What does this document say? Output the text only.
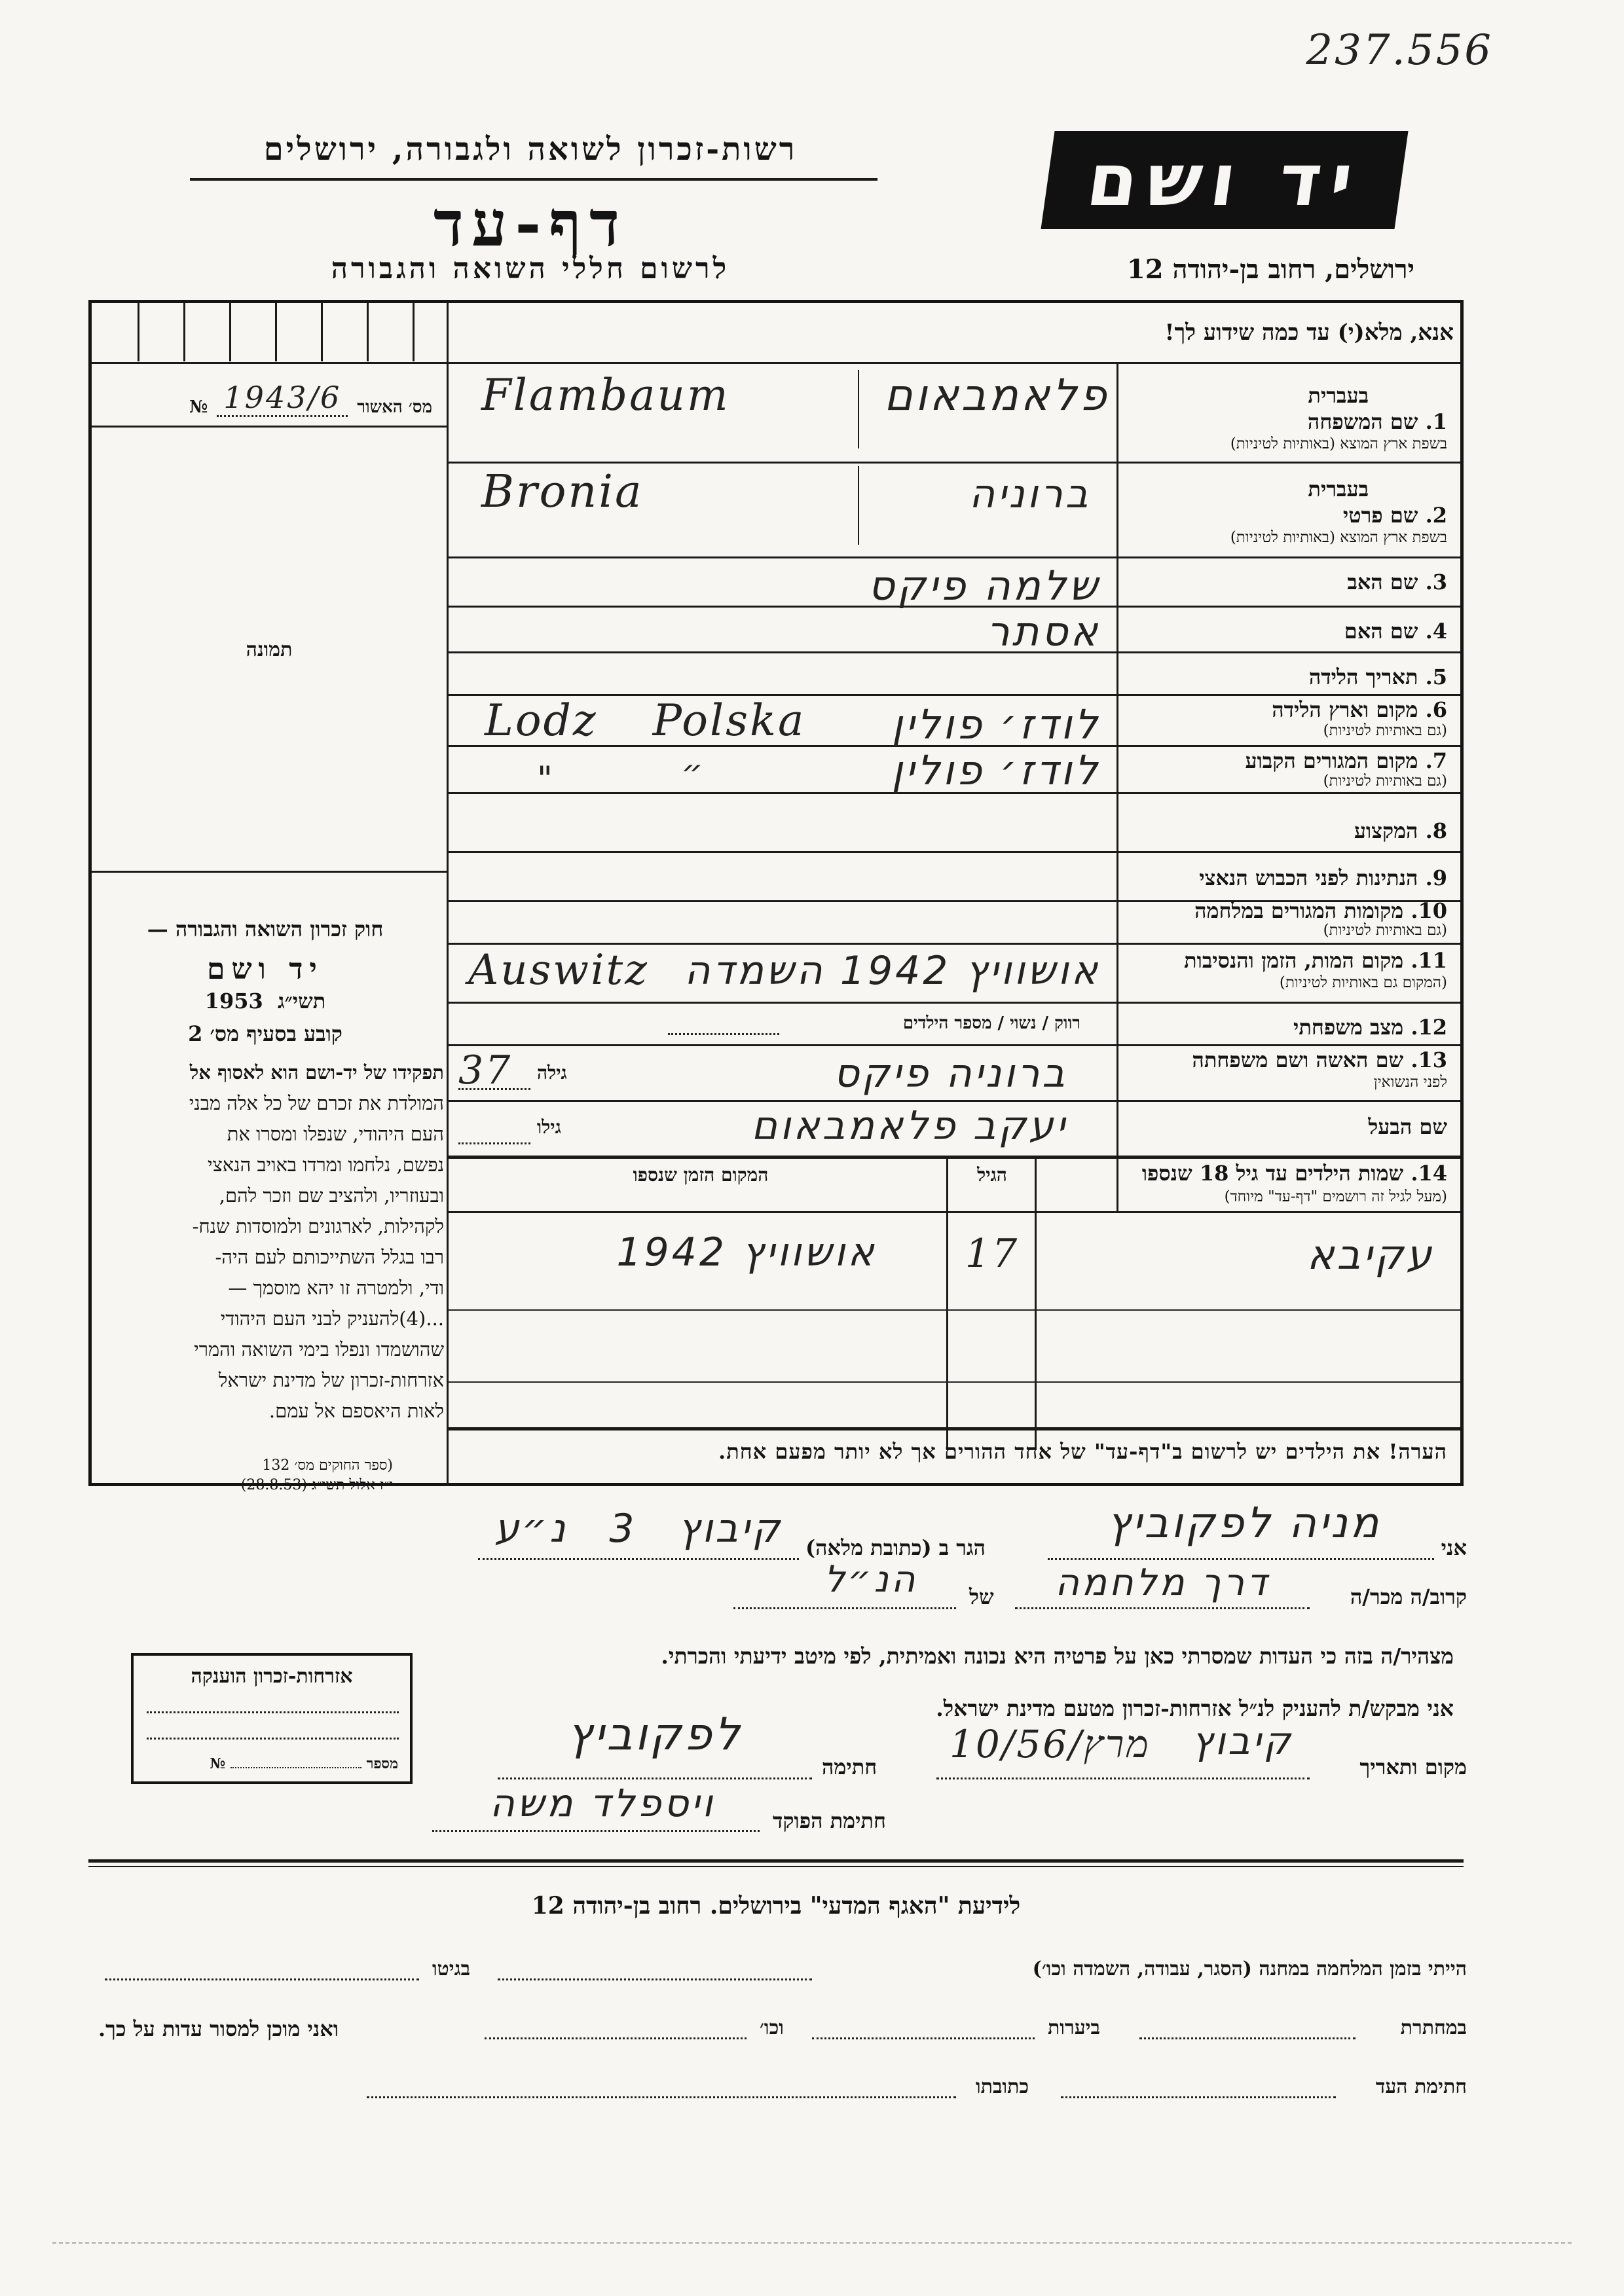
237.556
רשות-זכרון לשואה ולגבורה, ירושלים
דף-עד
לרשום חללי השואה והגבורה
יד ושם
ירושלים, רחוב בן-יהודה 12
אנא, מלא(י) עד כמה שידוע לך!
מס׳ האשור
1943/6
№
תמונה
בעברית
1. שם המשפחה
בשפת ארץ המוצא (באותיות לטיניות)
פלאמבאום
Flambaum
בעברית
2. שם פרטי
בשפת ארץ המוצא (באותיות לטיניות)
ברוניה
Bronia
3. שם האב
שלמה פיקס
4. שם האם
אסתר
5. תאריך הלידה
6. מקום וארץ הלידה
(גם באותיות לטיניות)
לודז׳ פולין
Lodz Polska
7. מקום המגורים הקבוע
(גם באותיות לטיניות)
לודז׳ פולין
״
"
8. המקצוע
9. הנתינות לפני הכבוש הנאצי
10. מקומות המגורים במלחמה
(גם באותיות לטיניות)
11. מקום המות, הזמן והנסיבות
(המקום גם באותיות לטיניות)
אושוויץ 1942 השמדה
Auswitz
12. מצב משפחתי
רווק / נשוי / מספר הילדים
13. שם האשה ושם משפחתה
לפני הנשואין
ברוניה פיקס
גילה
37
שם הבעל
יעקב פלאמבאום
גילו
14. שמות הילדים עד גיל 18 שנספו
(מעל לגיל זה רושמים "דף-עד" מיוחד)
הגיל
המקום הזמן שנספו
עקיבא
17
אושוויץ 1942
הערה! את הילדים יש לרשום ב"דף-עד" של אחד ההורים אך לא יותר מפעם אחת.
חוק זכרון השואה והגבורה —
יד ושם
תשי״ג  1953
קובע בסעיף מס׳ 2
תפקידו של יד-ושם הוא לאסוף אל
המולדת את זכרם של כל אלה מבני
העם היהודי, שנפלו ומסרו את
נפשם, נלחמו ומרדו באויב הנאצי
ובעוזריו, ולהציב שם וזכר להם,
לקהילות, לארגונים ולמוסדות שנח-
רבו בגלל השתייכותם לעם היה-
ודי, ולמטרה זו יהא מוסמך —
...(4)להעניק לבני העם היהודי
שהושמדו ונפלו בימי השואה והמרי
אזרחות-זכרון של מדינת ישראל
לאות היאספם אל עמם.
(ספר החוקים מס׳ 132
י״ז אלול תשי״ג (28.8.53)
אני
מניה לפקוביץ
הגר ב (כתובת מלאה)
קיבוץ 3 נ״ע
קרוב/ה מכר/ה
דרך מלחמה
של
הנ״ל
מצהיר/ה בזה כי העדות שמסרתי כאן על פרטיה היא נכונה ואמיתית, לפי מיטב ידיעתי והכרתי.
אני מבקש/ת להעניק לנ״ל אזרחות-זכרון מטעם מדינת ישראל.
מקום ותאריך
קיבוץ
10/מרץ/56
חתימה
לפקוביץ
חתימת הפוקד
ויספלד משה
אזרחות-זכרון הוענקה
מספר  №
לידיעת "האגף המדעי" בירושלים. רחוב בן-יהודה 12
הייתי בזמן המלחמה במחנה (הסגר, עבודה, השמדה וכו׳)
בגיטו
במחתרת
ביערות
וכו׳
ואני מוכן למסור עדות על כך.
חתימת העד
כתובתו
